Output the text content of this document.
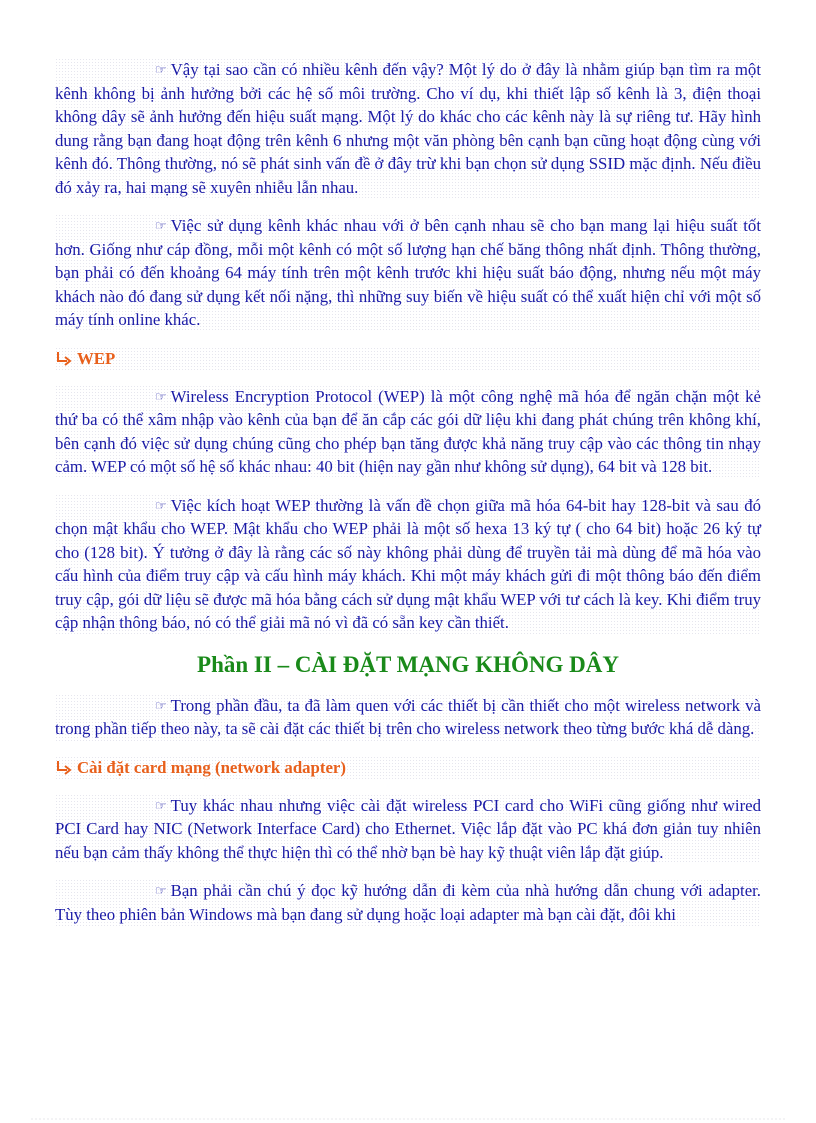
☞ Vậy tại sao cần có nhiều kênh đến vậy? Một lý do ở đây là nhằm giúp bạn tìm ra một kênh không bị ảnh hưởng bởi các hệ số môi trường. Cho ví dụ, khi thiết lập số kênh là 3, điện thoại không dây sẽ ảnh hưởng đến hiệu suất mạng. Một lý do khác cho các kênh này là sự riêng tư. Hãy hình dung rằng bạn đang hoạt động trên kênh 6 nhưng một văn phòng bên cạnh bạn cũng hoạt động cùng với kênh đó. Thông thường, nó sẽ phát sinh vấn đề ở đây trừ khi bạn chọn sử dụng SSID mặc định. Nếu điều đó xảy ra, hai mạng sẽ xuyên nhiễu lẫn nhau.

☞ Việc sử dụng kênh khác nhau với ở bên cạnh nhau sẽ cho bạn mang lại hiệu suất tốt hơn. Giống như cáp đồng, mỗi một kênh có một số lượng hạn chế băng thông nhất định. Thông thường, bạn phải có đến khoảng 64 máy tính trên một kênh trước khi hiệu suất báo động, nhưng nếu một máy khách nào đó đang sử dụng kết nối nặng, thì những suy biến về hiệu suất có thể xuất hiện chỉ với một số máy tính online khác.

WEP

☞ Wireless Encryption Protocol (WEP) là một công nghệ mã hóa để ngăn chặn một kẻ thứ ba có thể xâm nhập vào kênh của bạn để ăn cắp các gói dữ liệu khi đang phát chúng trên không khí, bên cạnh đó việc sử dụng chúng cũng cho phép bạn tăng được khả năng truy cập vào các thông tin nhạy cảm. WEP có một số hệ số khác nhau: 40 bit (hiện nay gần như không sử dụng), 64 bit và 128 bit.

☞ Việc kích hoạt WEP thường là vấn đề chọn giữa mã hóa 64-bit hay 128-bit và sau đó chọn mật khẩu cho WEP. Mật khẩu cho WEP phải là một số hexa 13 ký tự ( cho 64 bit) hoặc 26 ký tự cho (128 bit). Ý tưởng ở đây là rằng các số này không phải dùng để truyền tải mà dùng để mã hóa vào cấu hình của điểm truy cập và cấu hình máy khách. Khi một máy khách gửi đi một thông báo đến điểm truy cập, gói dữ liệu sẽ được mã hóa bằng cách sử dụng mật khẩu WEP với tư cách là key. Khi điểm truy cập nhận thông báo, nó có thể giải mã nó vì đã có sẵn key cần thiết.

Phần II – CÀI ĐẶT MẠNG KHÔNG DÂY

☞ Trong phần đầu, ta đã làm quen với các thiết bị cần thiết cho một wireless network và trong phần tiếp theo này, ta sẽ cài đặt các thiết bị trên cho wireless network theo từng bước khá dễ dàng.

Cài đặt card mạng (network adapter)

☞ Tuy khác nhau nhưng việc cài đặt wireless PCI card cho WiFi cũng giống như wired PCI Card hay NIC (Network Interface Card) cho Ethernet. Việc lắp đặt vào PC khá đơn giản tuy nhiên nếu bạn cảm thấy không thể thực hiện thì có thể nhờ bạn bè hay kỹ thuật viên lắp đặt giúp.

☞ Bạn phải cần chú ý đọc kỹ hướng dẫn đi kèm của nhà hướng dẫn chung với adapter. Tùy theo phiên bản Windows mà bạn đang sử dụng hoặc loại adapter mà bạn cài đặt, đôi khi
